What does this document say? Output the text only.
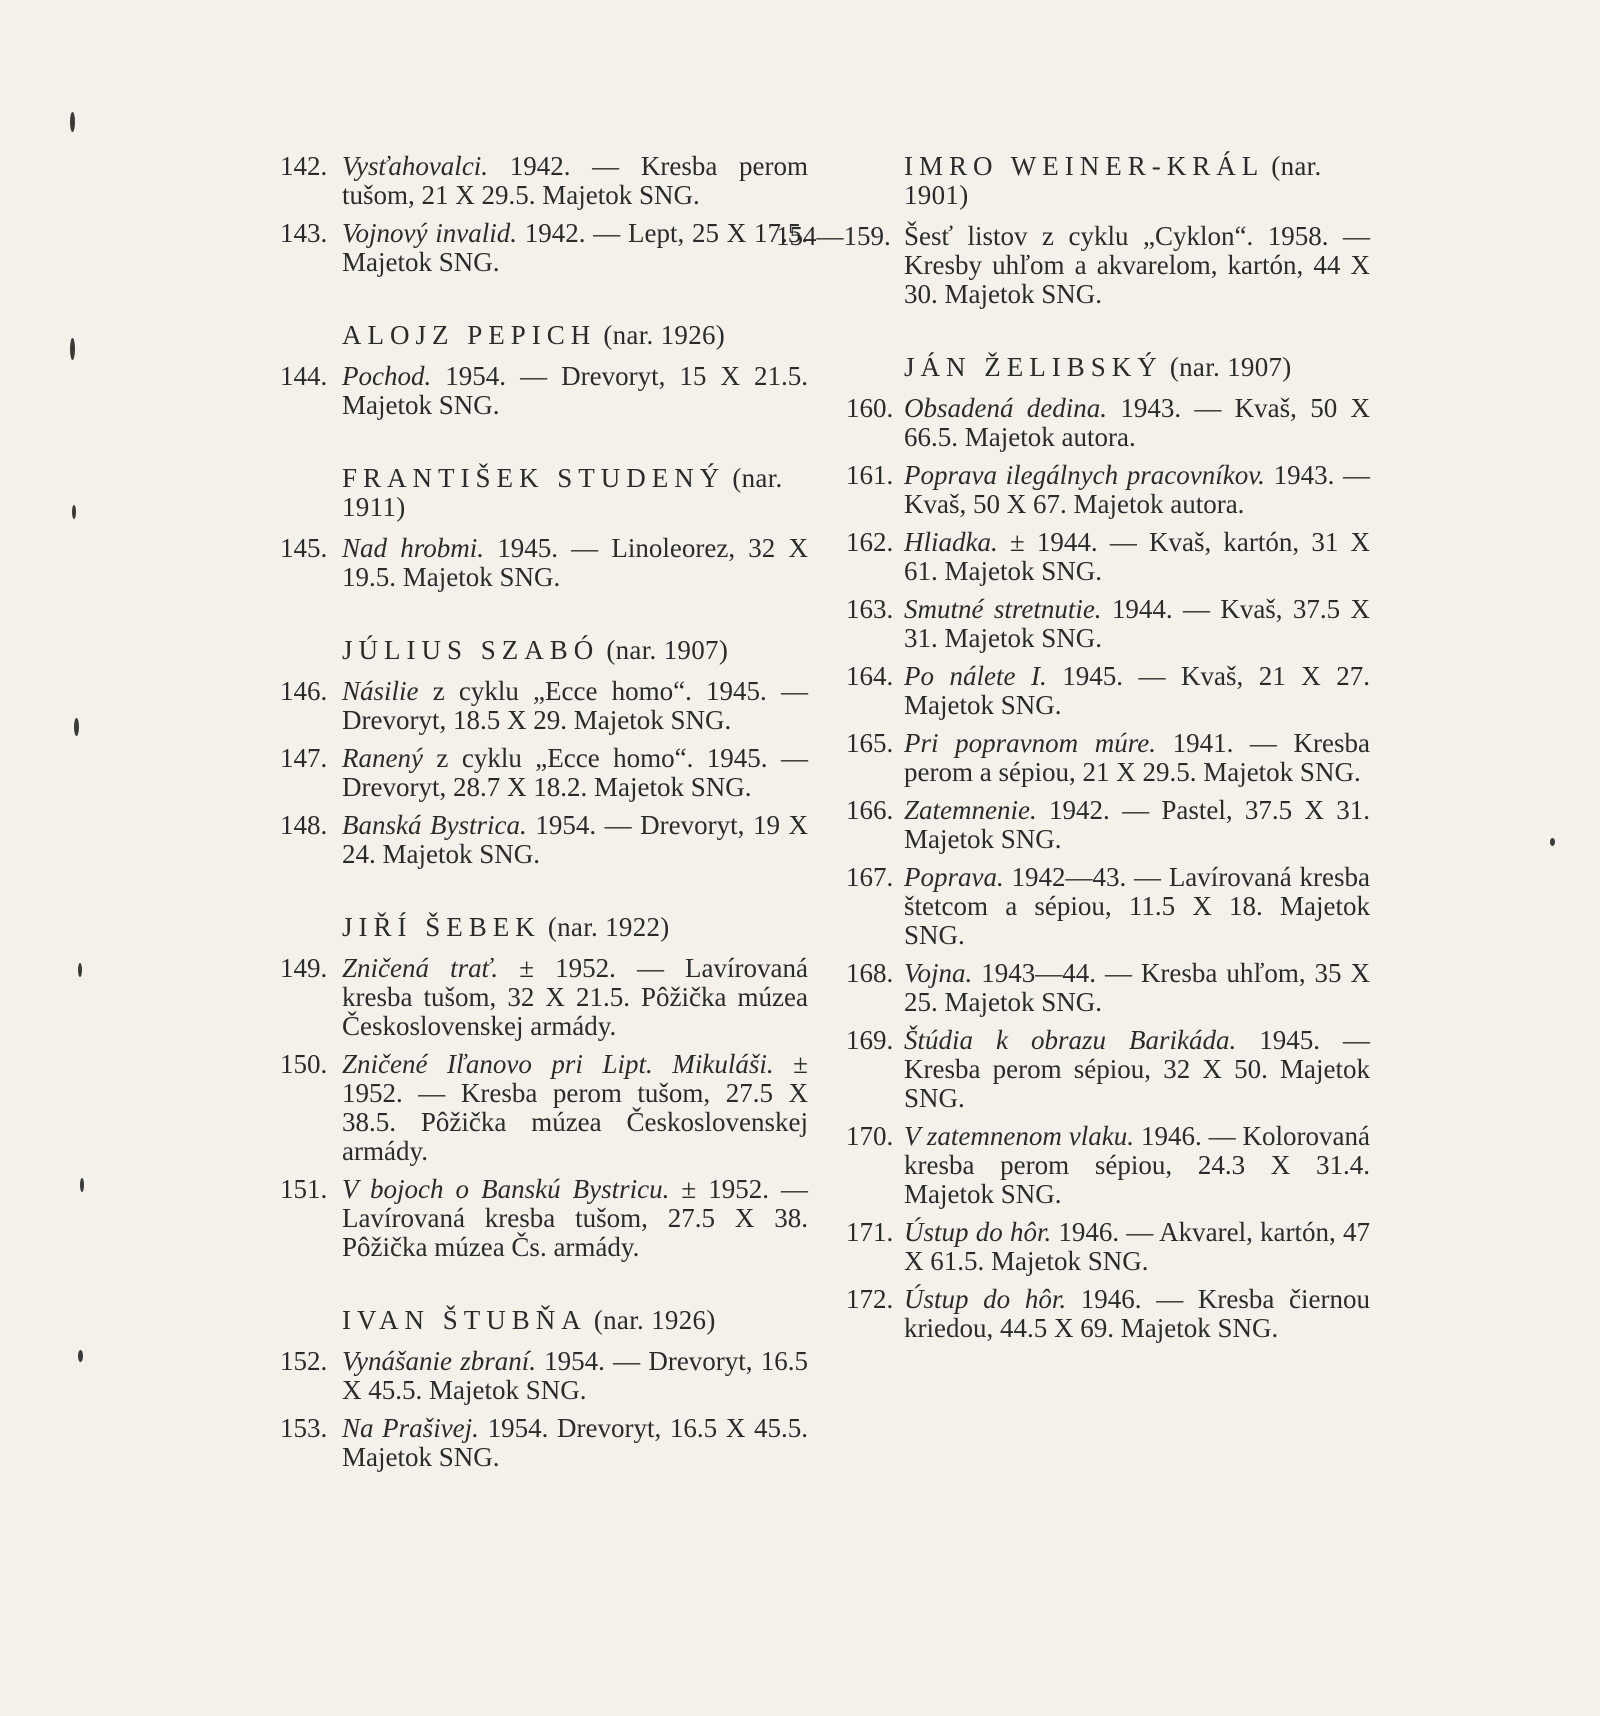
142. Vysťahovalci. 1942. — Kresba perom tušom, 21 X 29.5. Majetok SNG.
143. Vojnový invalid. 1942. — Lept, 25 X 17.5. Majetok SNG.
ALOJZ PEPICH (nar. 1926)
144. Pochod. 1954. — Drevoryt, 15 X 21.5. Majetok SNG.
FRANTIŠEK STUDENÝ (nar. 1911)
145. Nad hrobmi. 1945. — Linoleorez, 32 X 19.5. Majetok SNG.
JÚLIUS SZABÓ (nar. 1907)
146. Násilie z cyklu „Ecce homo“. 1945. — Drevoryt, 18.5 X 29. Majetok SNG.
147. Ranený z cyklu „Ecce homo“. 1945. — Drevoryt, 28.7 X 18.2. Majetok SNG.
148. Banská Bystrica. 1954. — Drevoryt, 19 X 24. Majetok SNG.
JIŘÍ ŠEBEK (nar. 1922)
149. Zničená trať. ± 1952. — Lavírovaná kresba tušom, 32 X 21.5. Pôžička múzea Československej armády.
150. Zničené Iľanovo pri Lipt. Mikuláši. ± 1952. — Kresba perom tušom, 27.5 X 38.5. Pôžička múzea Československej armády.
151. V bojoch o Banskú Bystricu. ± 1952. — Lavírovaná kresba tušom, 27.5 X 38. Pôžička múzea Čs. armády.
IVAN ŠTUBŇA (nar. 1926)
152. Vynášanie zbraní. 1954. — Drevoryt, 16.5 X 45.5. Majetok SNG.
153. Na Prašivej. 1954. Drevoryt, 16.5 X 45.5. Majetok SNG.
IMRO WEINER-KRÁL (nar. 1901)
154—159. Šesť listov z cyklu „Cyklon“. 1958. — Kresby uhľom a akvarelom, kartón, 44 X 30. Majetok SNG.
JÁN ŽELIBSKÝ (nar. 1907)
160. Obsadená dedina. 1943. — Kvaš, 50 X 66.5. Majetok autora.
161. Poprava ilegálnych pracovníkov. 1943. — Kvaš, 50 X 67. Majetok autora.
162. Hliadka. ± 1944. — Kvaš, kartón, 31 X 61. Majetok SNG.
163. Smutné stretnutie. 1944. — Kvaš, 37.5 X 31. Majetok SNG.
164. Po nálete I. 1945. — Kvaš, 21 X 27. Majetok SNG.
165. Pri popravnom múre. 1941. — Kresba perom a sépiou, 21 X 29.5. Majetok SNG.
166. Zatemnenie. 1942. — Pastel, 37.5 X 31. Majetok SNG.
167. Poprava. 1942—43. — Lavírovaná kresba štetcom a sépiou, 11.5 X 18. Majetok SNG.
168. Vojna. 1943—44. — Kresba uhľom, 35 X 25. Majetok SNG.
169. Štúdia k obrazu Barikáda. 1945. — Kresba perom sépiou, 32 X 50. Majetok SNG.
170. V zatemnenom vlaku. 1946. — Kolorovaná kresba perom sépiou, 24.3 X 31.4. Majetok SNG.
171. Ústup do hôr. 1946. — Akvarel, kartón, 47 X 61.5. Majetok SNG.
172. Ústup do hôr. 1946. — Kresba čiernou kriedou, 44.5 X 69. Majetok SNG.
